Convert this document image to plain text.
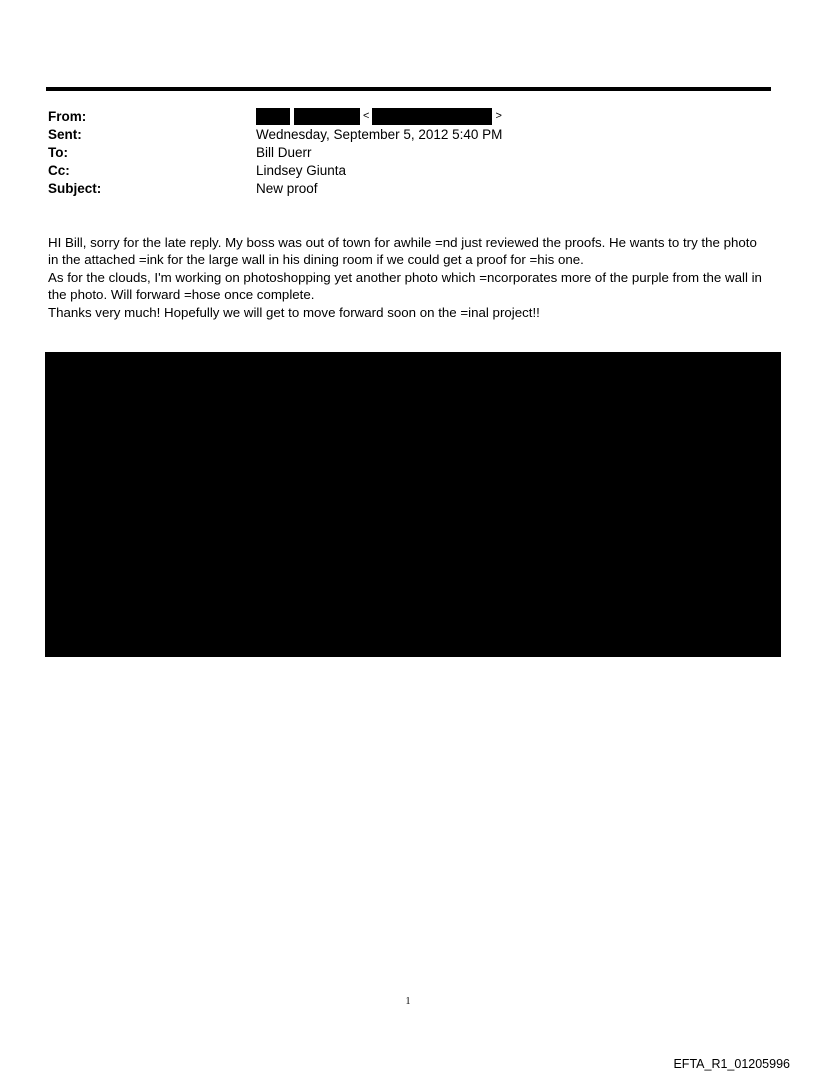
From:	<	>
Sent:	Wednesday, September 5, 2012 5:40 PM
To:	Bill Duerr
Cc:	Lindsey Giunta
Subject:	New proof

HI Bill, sorry for the late reply. My boss was out of town for awhile =nd just reviewed the proofs. He wants to try the photo in the attached =ink for the large wall in his dining room if we could get a proof for =his one.

As for the clouds, I'm working on photoshopping yet another photo which =ncorporates more of the purple from the wall in the photo. Will forward =hose once complete.

Thanks very much! Hopefully we will get to move forward soon on the =inal project!!

1
EFTA_R1_01205996
